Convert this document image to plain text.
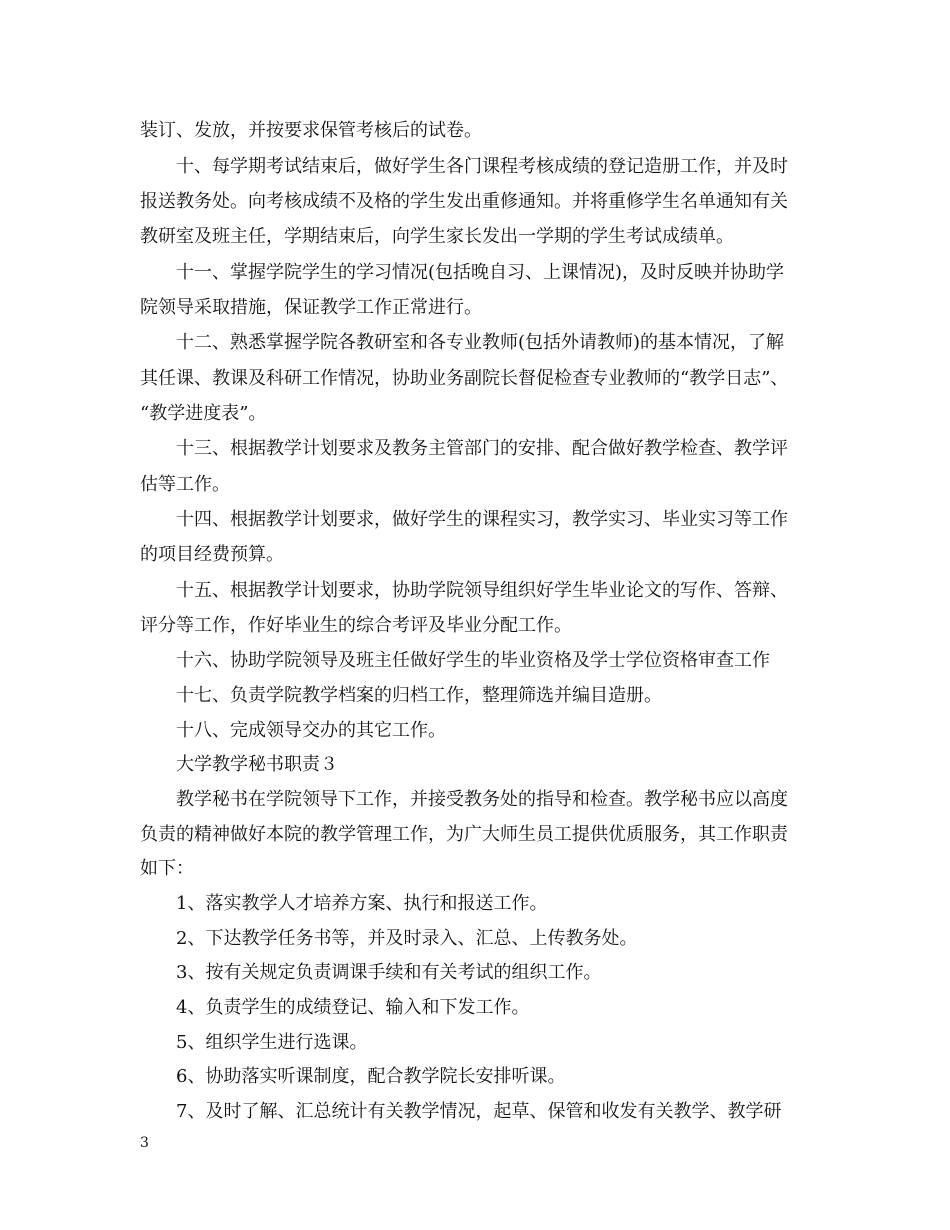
装订、发放，并按要求保管考核后的试卷。
十、每学期考试结束后，做好学生各门课程考核成绩的登记造册工作，并及时
报送教务处。向考核成绩不及格的学生发出重修通知。并将重修学生名单通知有关
教研室及班主任，学期结束后，向学生家长发出一学期的学生考试成绩单。
十一、掌握学院学生的学习情况(包括晚自习、上课情况)，及时反映并协助学
院领导采取措施，保证教学工作正常进行。
十二、熟悉掌握学院各教研室和各专业教师(包括外请教师)的基本情况，了解
其任课、教课及科研工作情况，协助业务副院长督促检查专业教师的“教学日志”、
“教学进度表”。
十三、根据教学计划要求及教务主管部门的安排、配合做好教学检查、教学评
估等工作。
十四、根据教学计划要求，做好学生的课程实习，教学实习、毕业实习等工作
的项目经费预算。
十五、根据教学计划要求，协助学院领导组织好学生毕业论文的写作、答辩、
评分等工作，作好毕业生的综合考评及毕业分配工作。
十六、协助学院领导及班主任做好学生的毕业资格及学士学位资格审查工作
十七、负责学院教学档案的归档工作，整理筛选并编目造册。
十八、完成领导交办的其它工作。
大学教学秘书职责３
教学秘书在学院领导下工作，并接受教务处的指导和检查。教学秘书应以高度
负责的精神做好本院的教学管理工作，为广大师生员工提供优质服务，其工作职责
如下：
1、落实教学人才培养方案、执行和报送工作。
2、下达教学任务书等，并及时录入、汇总、上传教务处。
3、按有关规定负责调课手续和有关考试的组织工作。
4、负责学生的成绩登记、输入和下发工作。
5、组织学生进行选课。
6、协助落实听课制度，配合教学院长安排听课。
7、及时了解、汇总统计有关教学情况，起草、保管和收发有关教学、教学研
3
